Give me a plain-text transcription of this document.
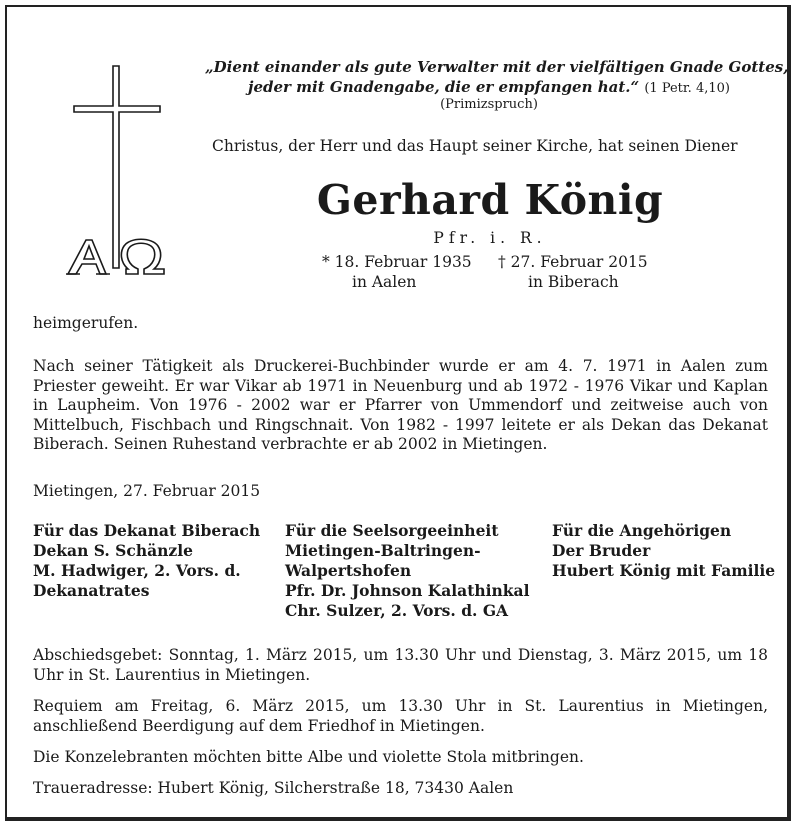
„Dient einander als gute Verwalter mit der vielfältigen Gnade Gottes,
jeder mit Gnadengabe, die er empfangen hat.“ (1 Petr. 4,10)
(Primizspruch)
Christus, der Herr und das Haupt seiner Kirche, hat seinen Diener
Gerhard König
Pfr. i. R.
* 18. Februar 1935
in Aalen
† 27. Februar 2015
in Biberach
heimgerufen.
Nach seiner Tätigkeit als Druckerei-Buchbinder wurde er am 4. 7. 1971 in Aalen zum Priester geweiht. Er war Vikar ab 1971 in Neuenburg und ab 1972 - 1976 Vikar und Kaplan in Laupheim. Von 1976 - 2002 war er Pfarrer von Ummendorf und zeitweise auch von Mittelbuch, Fischbach und Ringschnait. Von 1982 - 1997 leitete er als Dekan das Dekanat Biberach. Seinen Ruhestand verbrachte er ab 2002 in Mietingen.
Mietingen, 27. Februar 2015
Für das Dekanat Biberach
Dekan S. Schänzle
M. Hadwiger, 2. Vors. d.
Dekanatrates
Für die Seelsorgeeinheit
Mietingen-Baltringen-
Walpertshofen
Pfr. Dr. Johnson Kalathinkal
Chr. Sulzer, 2. Vors. d. GA
Für die Angehörigen
Der Bruder
Hubert König mit Familie
Abschiedsgebet: Sonntag, 1. März 2015, um 13.30 Uhr und Dienstag, 3. März 2015, um 18 Uhr in St. Laurentius in Mietingen.
Requiem am Freitag, 6. März 2015, um 13.30 Uhr in St. Laurentius in Mietingen, anschließend Beerdigung auf dem Friedhof in Mietingen.
Die Konzelebranten möchten bitte Albe und violette Stola mitbringen.
Traueradresse: Hubert König, Silcherstraße 18, 73430 Aalen
